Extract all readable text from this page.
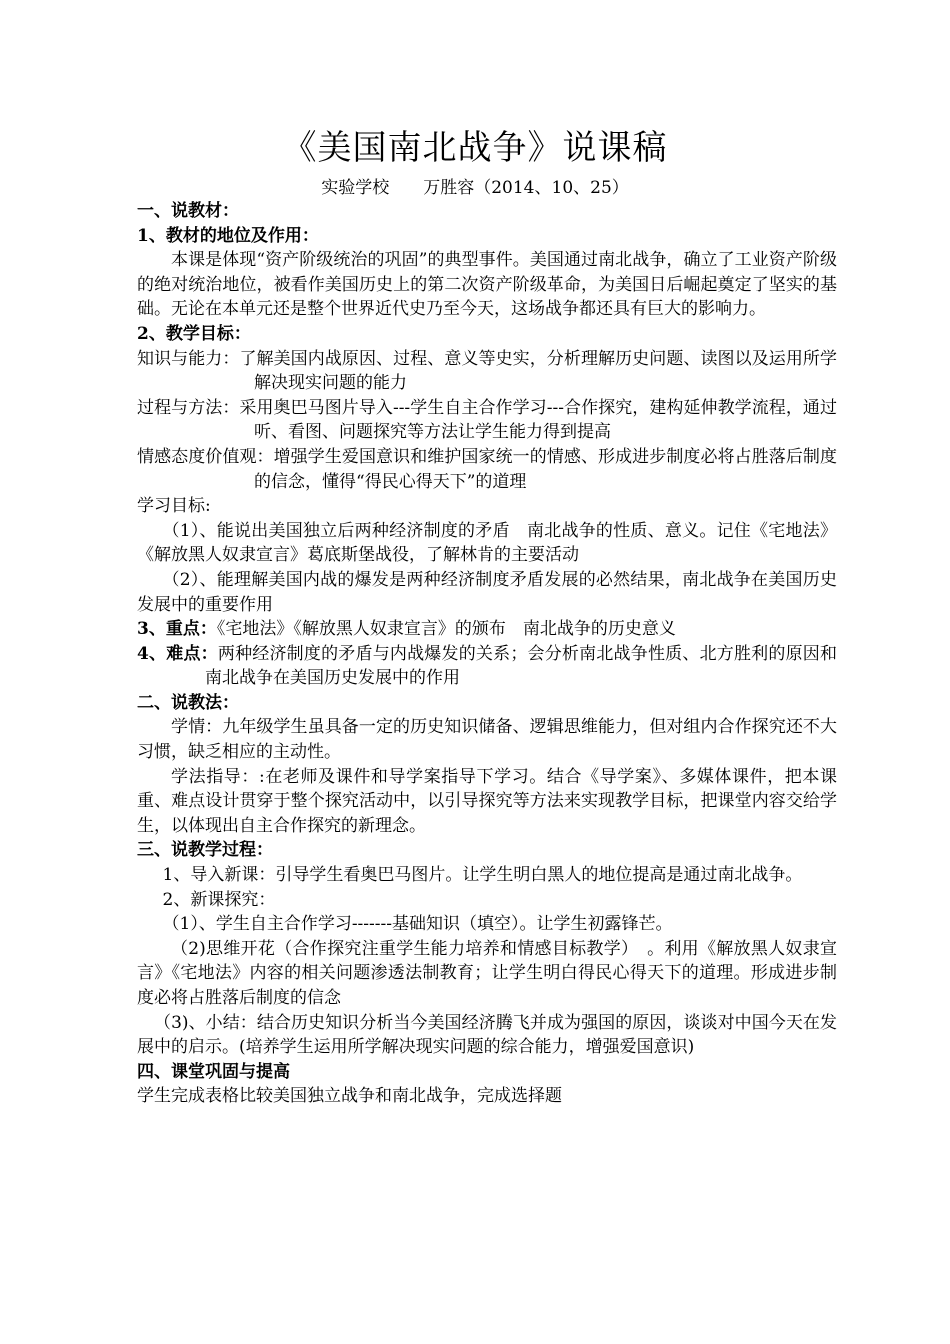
《美国南北战争》说课稿
实验学校　　万胜容（2014、10、25）

一、说教材：

1、教材的地位及作用：

本课是体现“资产阶级统治的巩固”的典型事件。美国通过南北战争，确立了工业资产阶级的绝对统治地位，被看作美国历史上的第二次资产阶级革命，为美国日后崛起奠定了坚实的基础。无论在本单元还是整个世界近代史乃至今天，这场战争都还具有巨大的影响力。

2、教学目标：

知识与能力：了解美国内战原因、过程、意义等史实，分析理解历史问题、读图以及运用所学解决现实问题的能力

过程与方法：采用奥巴马图片导入---学生自主合作学习---合作探究，建构延伸教学流程，通过听、看图、问题探究等方法让学生能力得到提高

情感态度价值观：增强学生爱国意识和维护国家统一的情感、形成进步制度必将占胜落后制度的信念，懂得“得民心得天下”的道理

学习目标:

（1）、能说出美国独立后两种经济制度的矛盾　南北战争的性质、意义。记住《宅地法》《解放黑人奴隶宣言》葛底斯堡战役，了解林肯的主要活动

（2）、能理解美国内战的爆发是两种经济制度矛盾发展的必然结果，南北战争在美国历史发展中的重要作用

3、重点：《宅地法》《解放黑人奴隶宣言》的颁布　南北战争的历史意义

4、难点：两种经济制度的矛盾与内战爆发的关系；会分析南北战争性质、北方胜利的原因和南北战争在美国历史发展中的作用

二、说教法：

学情：九年级学生虽具备一定的历史知识储备、逻辑思维能力，但对组内合作探究还不大习惯，缺乏相应的主动性。

学法指导：:在老师及课件和导学案指导下学习。结合《导学案》、多媒体课件，把本课重、难点设计贯穿于整个探究活动中，以引导探究等方法来实现教学目标，把课堂内容交给学生，以体现出自主合作探究的新理念。

三、说教学过程：

1、导入新课：引导学生看奥巴马图片。让学生明白黑人的地位提高是通过南北战争。

2、新课探究：

（1）、学生自主合作学习-------基础知识（填空）。让学生初露锋芒。

（2)思维开花（合作探究注重学生能力培养和情感目标教学）　。利用《解放黑人奴隶宣言》《宅地法》内容的相关问题渗透法制教育；让学生明白得民心得天下的道理。形成进步制度必将占胜落后制度的信念

（3)、小结：结合历史知识分析当今美国经济腾飞并成为强国的原因，谈谈对中国今天在发展中的启示。(培养学生运用所学解决现实问题的综合能力，增强爱国意识)

四、课堂巩固与提高

学生完成表格比较美国独立战争和南北战争，完成选择题
